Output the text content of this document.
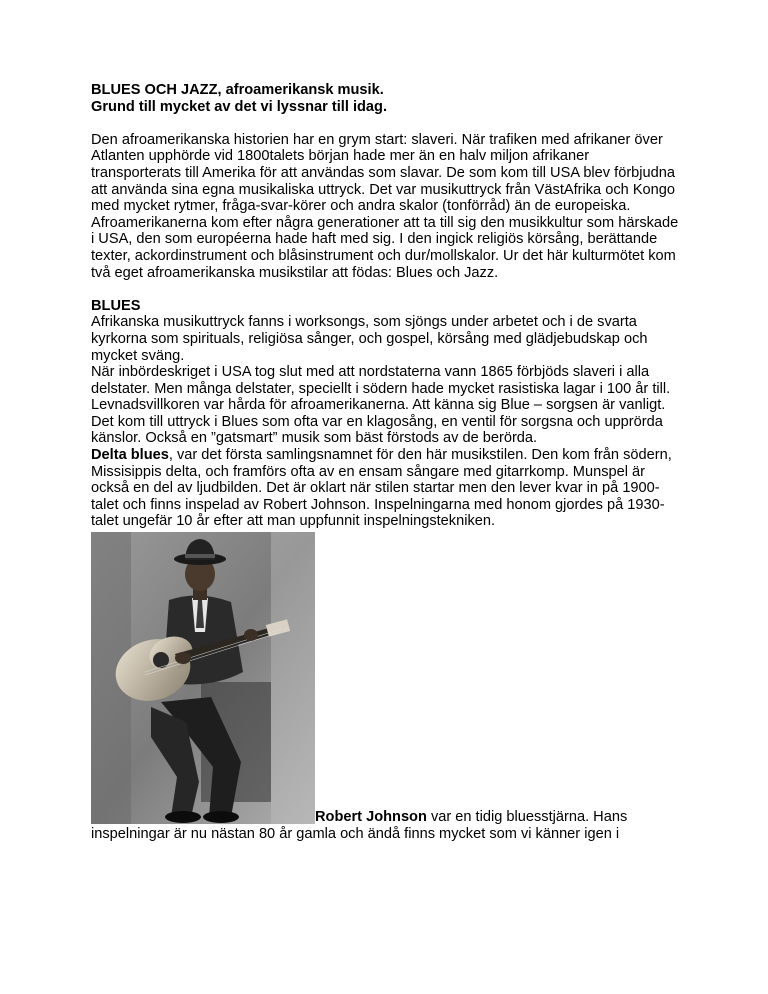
BLUES OCH JAZZ, afroamerikansk musik.

Grund till mycket av det vi lyssnar till idag.

Den afroamerikanska historien har en grym start: slaveri. När trafiken med afrikaner över Atlanten upphörde vid 1800talets början hade mer än en halv miljon afrikaner transporterats till Amerika för att användas som slavar. De som kom till USA blev förbjudna att använda sina egna musikaliska uttryck. Det var musikuttryck från VästAfrika och Kongo med mycket rytmer, fråga-svar-körer och andra skalor (tonförråd) än de europeiska.

Afroamerikanerna kom efter några generationer att ta till sig den musikkultur som härskade i USA, den som européerna hade haft med sig. I den ingick religiös körsång, berättande texter, ackordinstrument och blåsinstrument och dur/mollskalor. Ur det här kulturmötet kom två eget afroamerikanska musikstilar att födas: Blues och Jazz.

BLUES

Afrikanska musikuttryck fanns i worksongs, som sjöngs under arbetet och i de svarta kyrkorna som spirituals, religiösa sånger, och gospel, körsång med glädjebudskap och mycket sväng.

När inbördeskriget i USA tog slut med att nordstaterna vann 1865 förbjöds slaveri i alla delstater. Men många delstater, speciellt i södern hade mycket rasistiska lagar i 100 år till. Levnadsvillkoren var hårda för afroamerikanerna. Att känna sig Blue – sorgsen är vanligt. Det kom till uttryck i Blues som ofta var en klagosång, en ventil för sorgsna och upprörda känslor. Också en ”gatsmart” musik som bäst förstods av de berörda.

Delta blues, var det första samlingsnamnet för den här musikstilen. Den kom från södern, Missisippis delta, och framförs ofta av en ensam sångare med gitarrkomp. Munspel är också en del av ljudbilden. Det är oklart när stilen startar men den lever kvar in på 1900-talet och finns inspelad av Robert Johnson. Inspelningarna med honom gjordes på 1930-talet ungefär 10 år efter att man uppfunnit inspelningstekniken.

Robert Johnson var en tidig bluesstjärna. Hans

inspelningar är nu nästan 80 år gamla och ändå finns mycket som vi känner igen i
